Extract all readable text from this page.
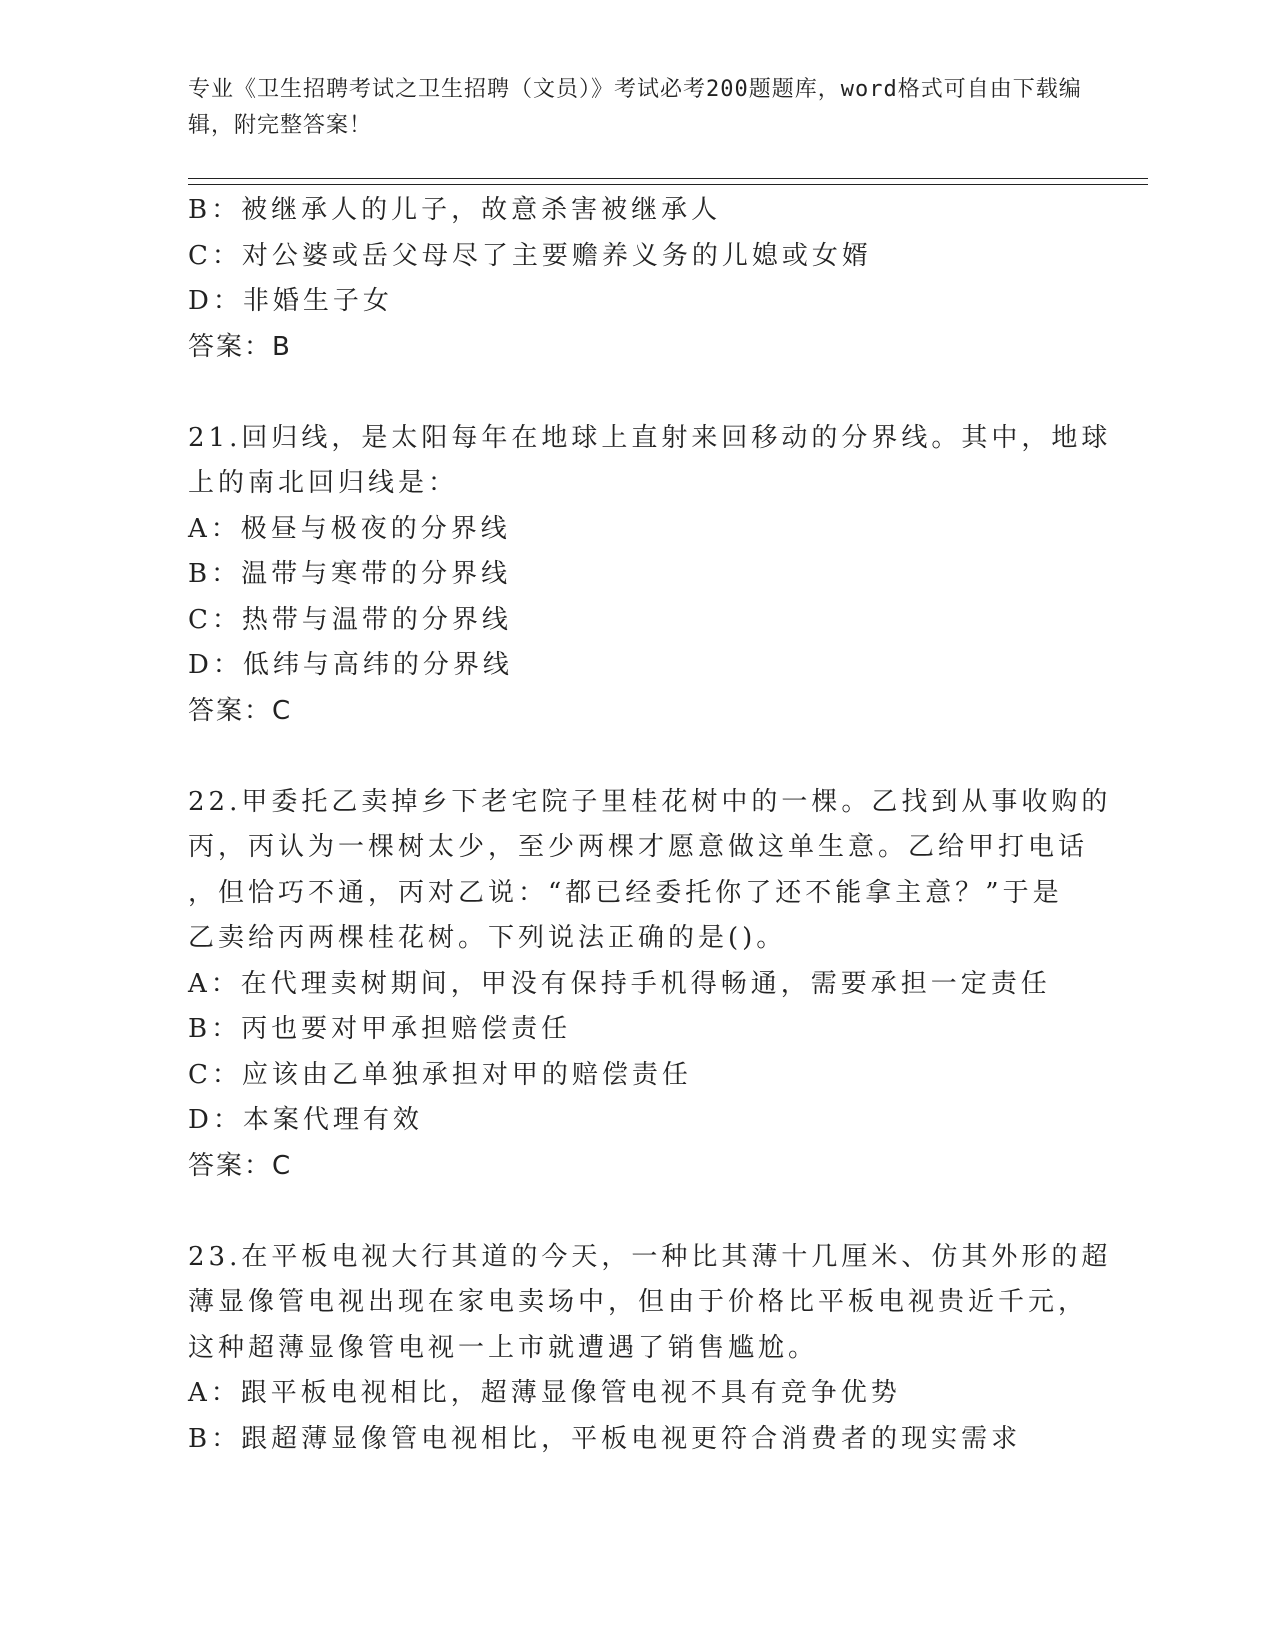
专业《卫生招聘考试之卫生招聘（文员）》考试必考200题题库，word格式可自由下载编辑，附完整答案！
B：被继承人的儿子，故意杀害被继承人
C：对公婆或岳父母尽了主要赡养义务的儿媳或女婿
D：非婚生子女
答案：B
21.回归线，是太阳每年在地球上直射来回移动的分界线。其中，地球
上的南北回归线是：
A：极昼与极夜的分界线
B：温带与寒带的分界线
C：热带与温带的分界线
D：低纬与高纬的分界线
答案：C
22.甲委托乙卖掉乡下老宅院子里桂花树中的一棵。乙找到从事收购的
丙，丙认为一棵树太少，至少两棵才愿意做这单生意。乙给甲打电话
，但恰巧不通，丙对乙说：“都已经委托你了还不能拿主意？”于是
乙卖给丙两棵桂花树。下列说法正确的是()。
A：在代理卖树期间，甲没有保持手机得畅通，需要承担一定责任
B：丙也要对甲承担赔偿责任
C：应该由乙单独承担对甲的赔偿责任
D：本案代理有效
答案：C
23.在平板电视大行其道的今天，一种比其薄十几厘米、仿其外形的超
薄显像管电视出现在家电卖场中，但由于价格比平板电视贵近千元，
这种超薄显像管电视一上市就遭遇了销售尴尬。
A：跟平板电视相比，超薄显像管电视不具有竞争优势
B：跟超薄显像管电视相比，平板电视更符合消费者的现实需求
